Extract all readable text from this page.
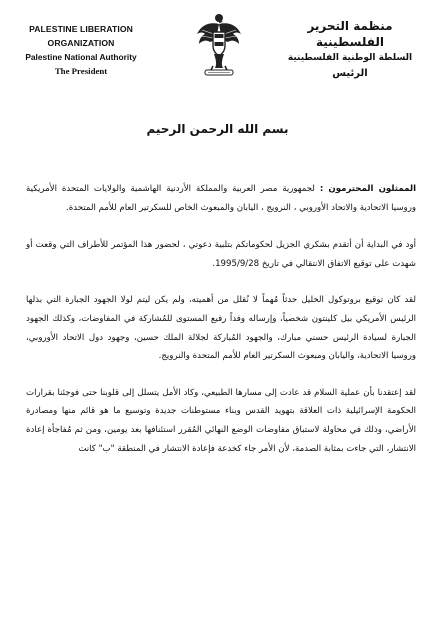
PALESTINE LIBERATION ORGANIZATION
Palestine National Authority
The President
منظمة التحرير الفلسطينية
السلطة الوطنية الفلسطينية
الرئيس
بسم الله الرحمن الرحيم

الممثلون المحترمون : لجمهورية مصر العربية والمملكة الأردنية الهاشمية والولايات المتحدة الأمريكية وروسيا الاتحادية والاتحاد الأوروبي ، النرويج ، اليابان والمبعوث الخاص للسكرتير العام للأمم المتحدة.

أود في البداية أن أتقدم بشكري الجزيل لحكوماتكم بتلبية دعوتي ، لحضور هذا المؤتمر للأطراف التي وقعت أو شهدت على توقيع الاتفاق الانتقالي في تاريخ 1995/9/28.

لقد كان توقيع بروتوكول الخليل حدثاً مُهماً لا نُقلل من أهميته، ولم يكن ليتم لولا الجهود الجبارة التي بذلها الرئيس الأمريكي بيل كلينتون شخصياً، وإرساله وفداً رفيع المستوى للمُشاركة في المفاوضات، وكذلك الجهود الجبارة لسيادة الرئيس حسني مبارك، والجهود المُباركة لجلالة الملك حسين، وجهود دول الاتحاد الأوروبي، وروسيا الاتحادية، واليابان ومبعوث السكرتير العام للأمم المتحدة والنرويج.

لقد إعتقدنا بأن عملية السلام قد عادت إلى مسارها الطبيعي، وكاد الأمل يتسلل إلى قلوبنا حتى فوجئنا بقرارات الحكومة الإسرائيلية ذات العلاقة بتهويد القدس وبناء مستوطنات جديدة وتوسيع ما هو قائم منها ومصادرة الأراضي، وذلك في محاولة لاستباق مفاوضات الوضع النهائي المُقرر استئنافها بعد يومين، ومن ثم مُفاجأة إعادة الانتشار، التي جاءت بمثابة الصدمة، لأن الأمر جاء كخدعة فإعادة الانتشار في المنطقة "ب" كانت
